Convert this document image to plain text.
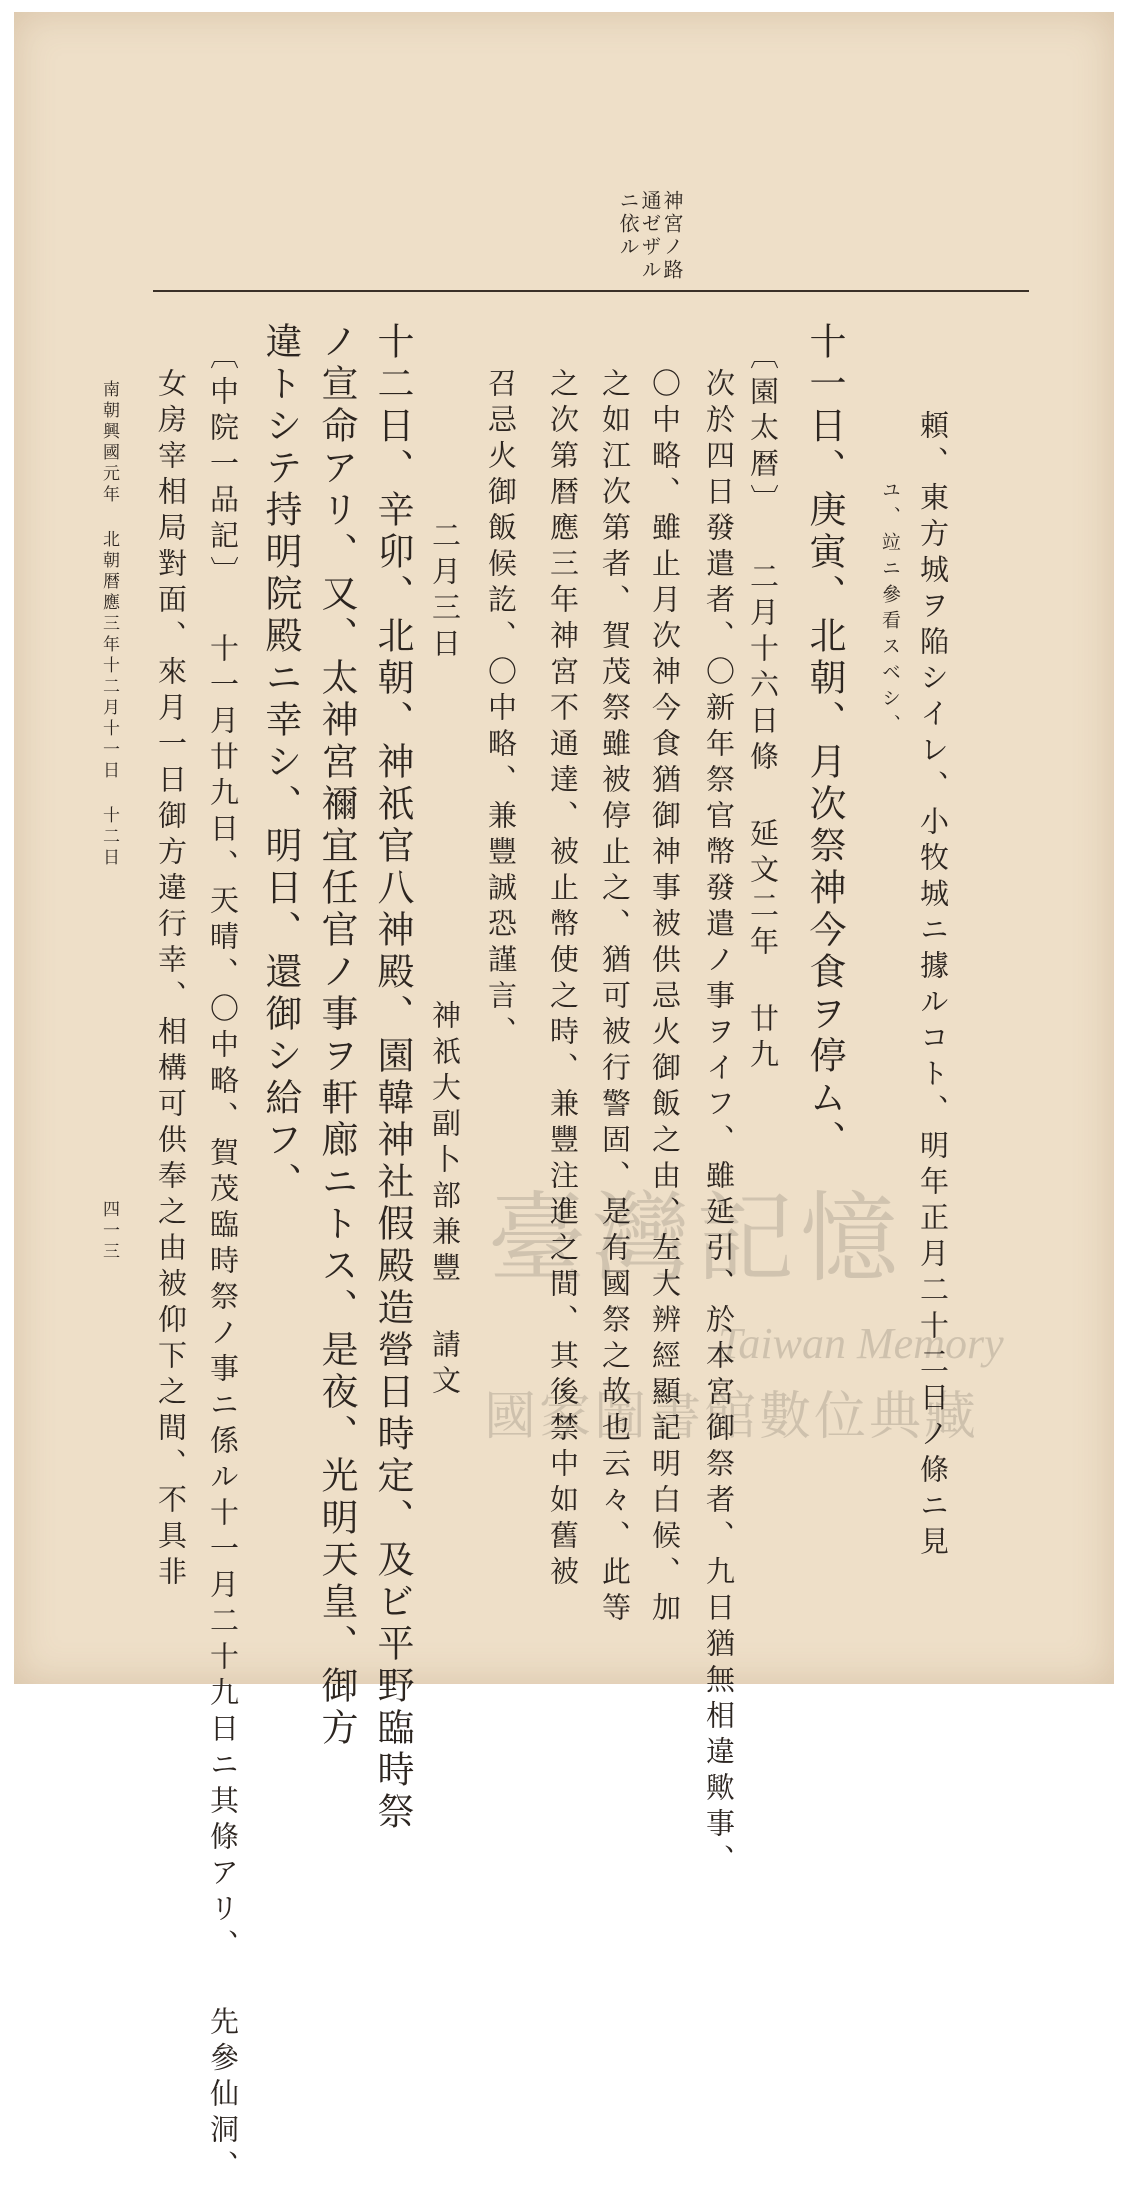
神宮ノ路
通ゼザル
ニ依ル
頼、東方城ヲ陥シイレ、小牧城ニ據ルコト、明年正月二十二日ノ條ニ見
ユ、竝ニ參看スベシ、
十一日、庚寅、北朝、月次祭神今食ヲ停ム、
〔園太暦〕 二月十六日條 延文二年 廿九
次於四日發遣者、〇新年祭官幣發遣ノ事ヲイフ、雖延引、於本宮御祭者、九日猶無相違歟事、
〇中略、雖止月次神今食猶御神事被供忌火御飯之由、左大辨經顯記明白候、加
之如江次第者、賀茂祭雖被停止之、猶可被行警固、是有國祭之故也云々、此等
之次第暦應三年神宮不通達、被止幣使之時、兼豐注進之間、其後禁中如舊被
召忌火御飯候訖、〇中略、兼豐誠恐謹言、
二月三日
神祇大副卜部兼豐 請文
十二日、辛卯、北朝、神祇官八神殿、園韓神社假殿造營日時定、及ビ平野臨時祭
ノ宣命アリ、又、太神宮禰宜任官ノ事ヲ軒廊ニトス、是夜、光明天皇、御方
違トシテ持明院殿ニ幸シ、明日、還御シ給フ、
〔中院一品記〕 十一月廿九日、天晴、〇中略、賀茂臨時祭ノ事ニ係ル十一月二十九日ニ其條アリ、 先參仙洞、
女房宰相局對面、來月一日御方違行幸、相構可供奉之由被仰下之間、不具非
南朝興國元年 北朝暦應三年十二月十一日 十二日
四一三	臺灣記憶
Taiwan Memory
國家圖書館數位典藏
